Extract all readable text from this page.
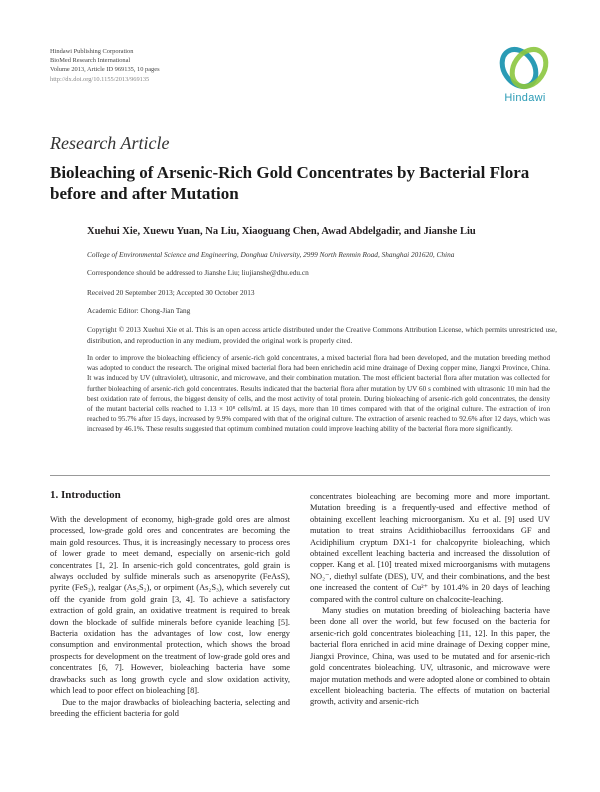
Hindawi Publishing Corporation
BioMed Research International
Volume 2013, Article ID 969135, 10 pages
http://dx.doi.org/10.1155/2013/969135
Hindawi
Research Article
Bioleaching of Arsenic-Rich Gold Concentrates by Bacterial Flora before and after Mutation
Xuehui Xie, Xuewu Yuan, Na Liu, Xiaoguang Chen, Awad Abdelgadir, and Jianshe Liu
College of Environmental Science and Engineering, Donghua University, 2999 North Renmin Road, Shanghai 201620, China
Correspondence should be addressed to Jianshe Liu; liujianshe@dhu.edu.cn
Received 20 September 2013; Accepted 30 October 2013
Academic Editor: Chong-Jian Tang
Copyright © 2013 Xuehui Xie et al. This is an open access article distributed under the Creative Commons Attribution License, which permits unrestricted use, distribution, and reproduction in any medium, provided the original work is properly cited.
In order to improve the bioleaching efficiency of arsenic-rich gold concentrates, a mixed bacterial flora had been developed, and the mutation breeding method was adopted to conduct the research. The original mixed bacterial flora had been enrichedin acid mine drainage of Dexing copper mine, Jiangxi Province, China. It was induced by UV (ultraviolet), ultrasonic, and microwave, and their combination mutation. The most efficient bacterial flora after mutation was collected for further bioleaching of arsenic-rich gold concentrates. Results indicated that the bacterial flora after mutation by UV 60 s combined with ultrasonic 10 min had the best oxidation rate of ferrous, the biggest density of cells, and the most activity of total protein. During bioleaching of arsenic-rich gold concentrates, the density of the mutant bacterial cells reached to 1.13 × 10⁸ cells/mL at 15 days, more than 10 times compared with that of the original culture. The extraction of iron reached to 95.7% after 15 days, increased by 9.9% compared with that of the original culture. The extraction of arsenic reached to 92.6% after 12 days, which was increased by 46.1%. These results suggested that optimum combined mutation could improve leaching ability of the bacterial flora more significantly.
1. Introduction

With the development of economy, high-grade gold ores are almost processed, low-grade gold ores and concentrates are becoming the main gold resources. Thus, it is increasingly necessary to process ores of lower grade to meet demand, especially on arsenic-rich gold concentrates [1, 2]. In arsenic-rich gold concentrates, gold grain is always occluded by sulfide minerals such as arsenopyrite (FeAsS), pyrite (FeS₂), realgar (As₂S₂), or orpiment (As₂S₃), which severely cut off the cyanide from gold grain [3, 4]. To achieve a satisfactory extraction of gold grain, an oxidative treatment is required to break down the blockade of sulfide minerals before cyanide leaching [5]. Bacteria oxidation has the advantages of low cost, low energy consumption and environmental protection, which shows the broad prospects for development on the treatment of low-grade gold ores and concentrates [6, 7]. However, bioleaching bacteria have some drawbacks such as long growth cycle and slow oxidation activity, which lead to poor effect on bioleaching [8].

Due to the major drawbacks of bioleaching bacteria, selecting and breeding the efficient bacteria for gold

concentrates bioleaching are becoming more and more important. Mutation breeding is a frequently-used and effective method of obtaining excellent leaching microorganism. Xu et al. [9] used UV mutation to treat strains Acidithiobacillus ferrooxidans GF and Acidiphilium cryptum DX1-1 for chalcopyrite bioleaching, which obtained excellent leaching bacteria and increased the dissolution of copper. Kang et al. [10] treated mixed microorganisms with mutagens NO₂⁻, diethyl sulfate (DES), UV, and their combinations, and the best one increased the content of Cu²⁺ by 101.4% in 20 days of leaching compared with the control culture on chalcocite-leaching.

Many studies on mutation breeding of bioleaching bacteria have been done all over the world, but few focused on the bacteria for arsenic-rich gold concentrates bioleaching [11, 12]. In this paper, the bacterial flora enriched in acid mine drainage of Dexing copper mine, Jiangxi Province, China, was used to be mutated and for arsenic-rich gold concentrates bioleaching. UV, ultrasonic, and microwave were major mutation methods and were adopted alone or combined to obtain excellent bioleaching bacteria. The effects of mutation on bacterial growth, activity and arsenic-rich
